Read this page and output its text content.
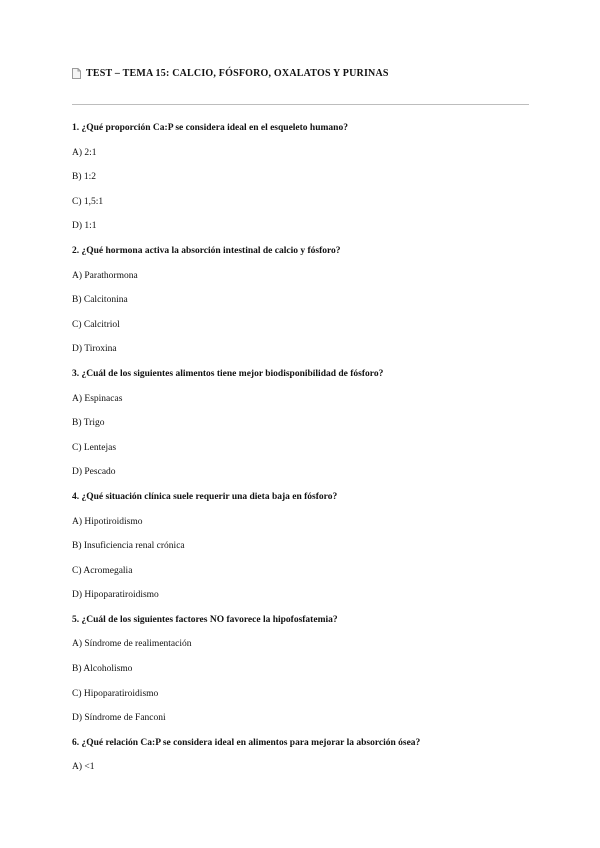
TEST – TEMA 15: CALCIO, FÓSFORO, OXALATOS Y PURINAS
1. ¿Qué proporción Ca:P se considera ideal en el esqueleto humano?
A) 2:1
B) 1:2
C) 1,5:1
D) 1:1
2. ¿Qué hormona activa la absorción intestinal de calcio y fósforo?
A) Parathormona
B) Calcitonina
C) Calcitriol
D) Tiroxina
3. ¿Cuál de los siguientes alimentos tiene mejor biodisponibilidad de fósforo?
A) Espinacas
B) Trigo
C) Lentejas
D) Pescado
4. ¿Qué situación clínica suele requerir una dieta baja en fósforo?
A) Hipotiroidismo
B) Insuficiencia renal crónica
C) Acromegalia
D) Hipoparatiroidismo
5. ¿Cuál de los siguientes factores NO favorece la hipofosfatemia?
A) Síndrome de realimentación
B) Alcoholismo
C) Hipoparatiroidismo
D) Síndrome de Fanconi
6. ¿Qué relación Ca:P se considera ideal en alimentos para mejorar la absorción ósea?
A) <1
